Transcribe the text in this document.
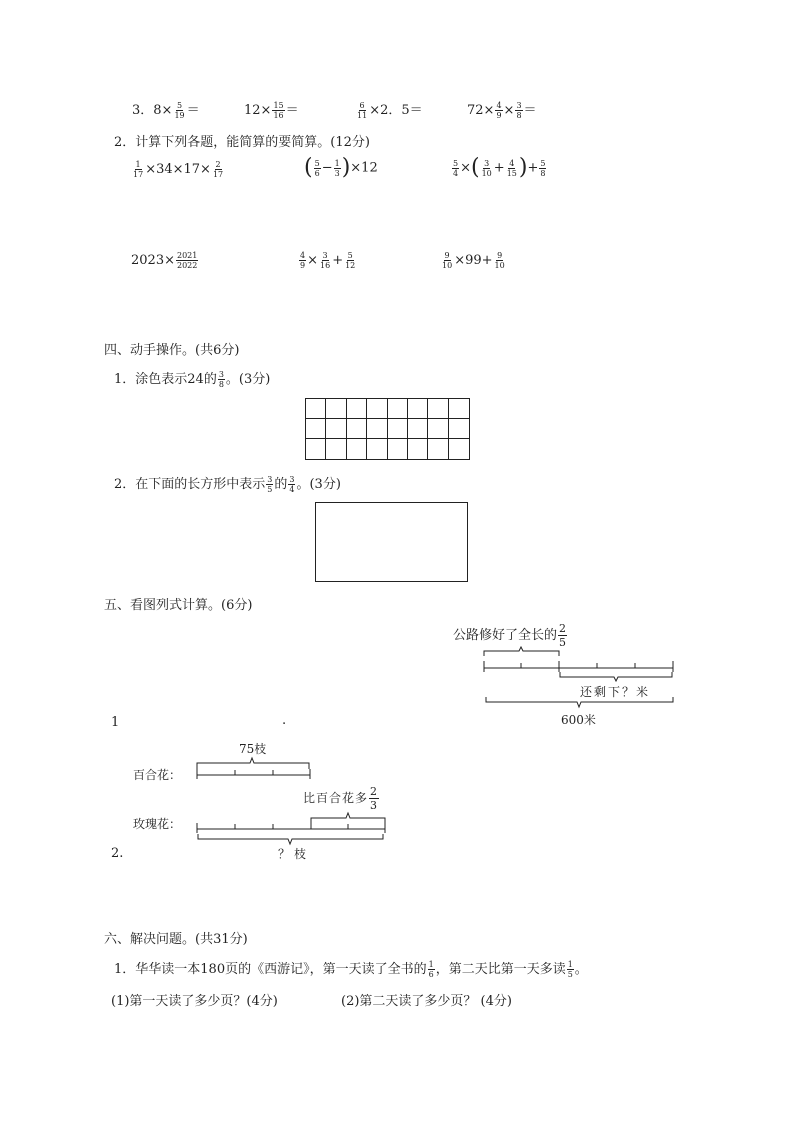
3．$8\times \frac{5}{19}$ ＝	$12\times \frac{15}{16}$ ＝	$\frac{6}{11} \times 2$．5＝	$72\times \frac{4}{9} \times \frac{3}{8}$ ＝
2．计算下列各题，能简算的要简算。(12分)
$\frac{1}{17} \times 34\times 17\times \frac{2}{17}$	( $\frac{5}{6} - \frac{1}{3} )\times 12$	$\frac{5}{4}$ ×( $\frac{3}{10} + \frac{4}{15}$ )+ $\frac{5}{8}$
$2023\times \frac{2021}{2022}$	$\frac{4}{9} \times \frac{3}{16} + \frac{5}{12}$	$\frac{9}{10} \times 99+ \frac{9}{10}$
四、动手操作。(共6分)
1．涂色表示24的 $\frac{3}{8}$ 。(3分)
2．在下面的长方形中表示 $\frac{3}{5}$ 的 $\frac{3}{4}$ 。(3分)
五、看图列式计算。(6分)
公路修好了全长的 $\frac{2}{5}$
还剩下？米
600米
1	.
75枝
百合花：
比百合花多 $\frac{2}{3}$
玫瑰花：
2.	？枝
六、解决问题。(共31分)
1．华华读一本180页的《西游记》，第一天读了全书的 $\frac{1}{6}$ ，第二天比第一天多读 $\frac{1}{5}$ 。
(1)第一天读了多少页？(4分)	(2)第二天读了多少页？ (4分)
